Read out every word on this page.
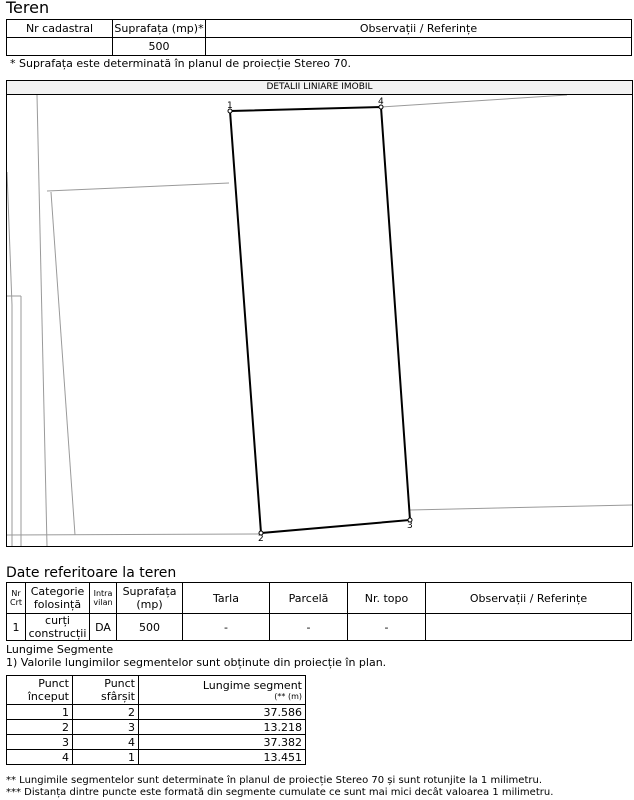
Teren
Nr cadastral	Suprafața (mp)*	Observații / Referințe
	500	
* Suprafața este determinată în planul de proiecție Stereo 70.
DETALII LINIARE IMOBIL
1	4
2
3
Date referitoare la teren
Nr Crt	Categorie folosință	Intra vilan	Suprafața (mp)	Tarla	Parcelă	Nr. topo	Observații / Referințe
1	curți construcții	DA	500	-	-	-	
Lungime Segmente
1) Valorile lungimilor segmentelor sunt obținute din proiecție în plan.
Punct început	Punct sfârșit	Lungime segment
(** (m)

1	2	37.586
2	3	13.218
3	4	37.382
4	1	13.451
** Lungimile segmentelor sunt determinate în planul de proiecție Stereo 70 și sunt rotunjite la 1 milimetru.
*** Distanța dintre puncte este formată din segmente cumulate ce sunt mai mici decât valoarea 1 milimetru.
